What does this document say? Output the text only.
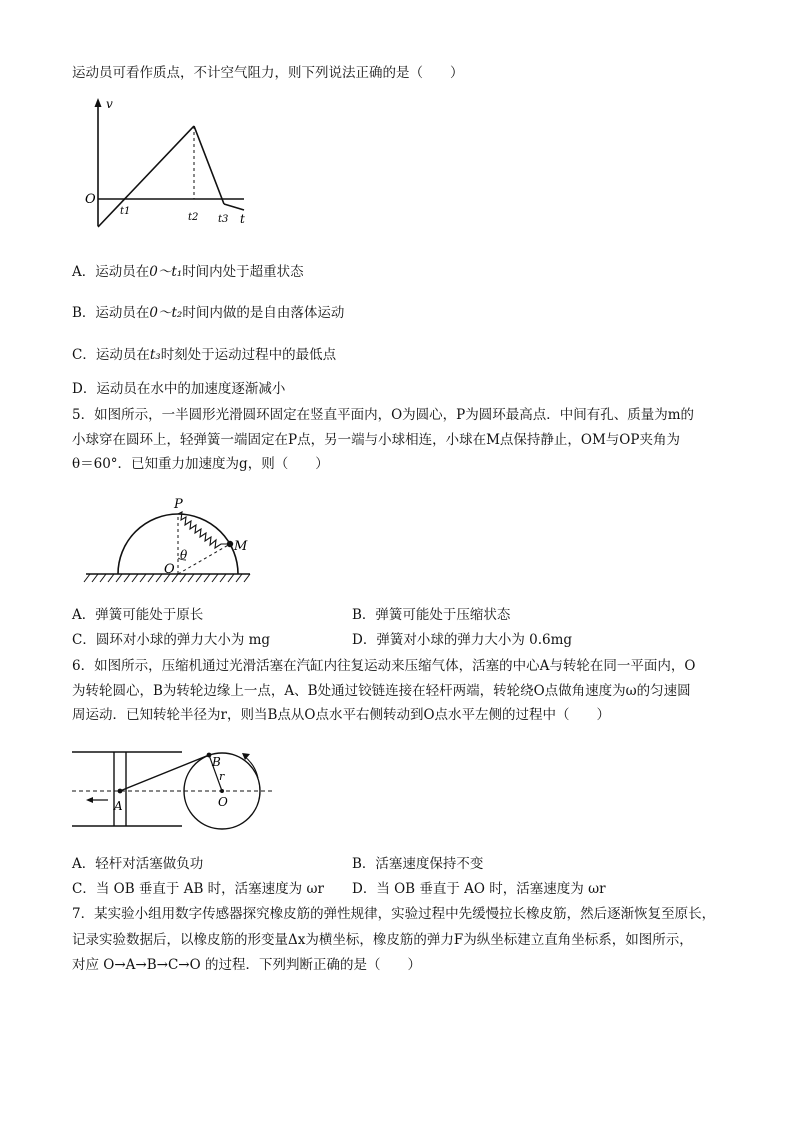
运动员可看作质点，不计空气阻力，则下列说法正确的是（　　）
v
O
t1
t2 t3 t
A．运动员在0～t₁时间内处于超重状态
B．运动员在0～t₂时间内做的是自由落体运动
C．运动员在t₃时刻处于运动过程中的最低点
D．运动员在水中的加速度逐渐减小
5．如图所示，一半圆形光滑圆环固定在竖直平面内，O为圆心，P为圆环最高点．中间有孔、质量为m的
小球穿在圆环上，轻弹簧一端固定在P点，另一端与小球相连，小球在M点保持静止，OM与OP夹角为
θ＝60°．已知重力加速度为g，则（　　）
P
M
O
θ
A．弹簧可能处于原长	B．弹簧可能处于压缩状态
C．圆环对小球的弹力大小为 mg	D．弹簧对小球的弹力大小为 0.6mg
6．如图所示，压缩机通过光滑活塞在汽缸内往复运动来压缩气体，活塞的中心A与转轮在同一平面内，O
为转轮圆心，B为转轮边缘上一点，A、B处通过铰链连接在轻杆两端，转轮绕O点做角速度为ω的匀速圆
周运动．已知转轮半径为r，则当B点从O点水平右侧转动到O点水平左侧的过程中（　　）
A
B
O
r
A．轻杆对活塞做负功	B．活塞速度保持不变
C．当 OB 垂直于 AB 时，活塞速度为 ωr D．当 OB 垂直于 AO 时，活塞速度为 ωr
7．某实验小组用数字传感器探究橡皮筋的弹性规律，实验过程中先缓慢拉长橡皮筋，然后逐渐恢复至原长，
记录实验数据后，以橡皮筋的形变量Δx为横坐标，橡皮筋的弹力F为纵坐标建立直角坐标系，如图所示，
对应 O→A→B→C→O 的过程．下列判断正确的是（　　）
